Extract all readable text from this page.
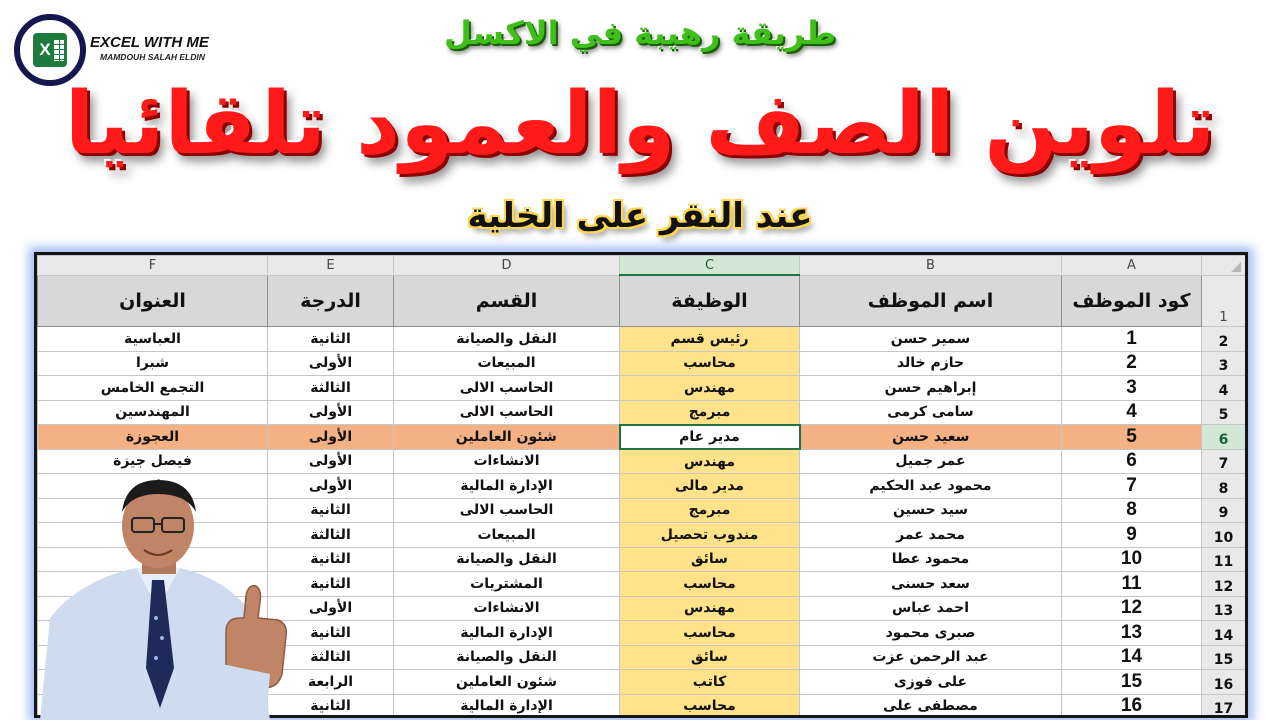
X	EXCEL WITH ME
MAMDOUH SALAH ELDIN
طريقة رهيبة في الاكسل
تلوين الصف والعمود تلقائيا
عند النقر على الخلية
F	E	D	C	B	A	
العنوان	الدرجة	القسم	الوظيفة	اسم الموظف	كود الموظف	1
العباسية	الثانية	النقل والصيانة	رئيس قسم	سمير حسن	1	2
شبرا	الأولى	المبيعات	محاسب	حازم خالد	2	3
التجمع الخامس	الثالثة	الحاسب الالى	مهندس	إبراهيم حسن	3	4
المهندسين	الأولى	الحاسب الالى	مبرمج	سامى كرمى	4	5
العجوزة	الأولى	شئون العاملين	مدير عام	سعيد حسن	5	6
فيصل جيزة	الأولى	الانشاءات	مهندس	عمر جميل	6	7
	الأولى	الإدارة المالية	مدير مالى	محمود عبد الحكيم	7	8
	الثانية	الحاسب الالى	مبرمج	سيد حسين	8	9
	الثالثة	المبيعات	مندوب تحصيل	محمد عمر	9	10
	الثانية	النقل والصيانة	سائق	محمود عطا	10	11
	الثانية	المشتريات	محاسب	سعد حسنى	11	12
	الأولى	الانشاءات	مهندس	احمد عباس	12	13
	الثانية	الإدارة المالية	محاسب	صبرى محمود	13	14
	الثالثة	النقل والصيانة	سائق	عبد الرحمن عزت	14	15
	الرابعة	شئون العاملين	كاتب	على فوزى	15	16
	الثانية	الإدارة المالية	محاسب	مصطفى على	16	17
